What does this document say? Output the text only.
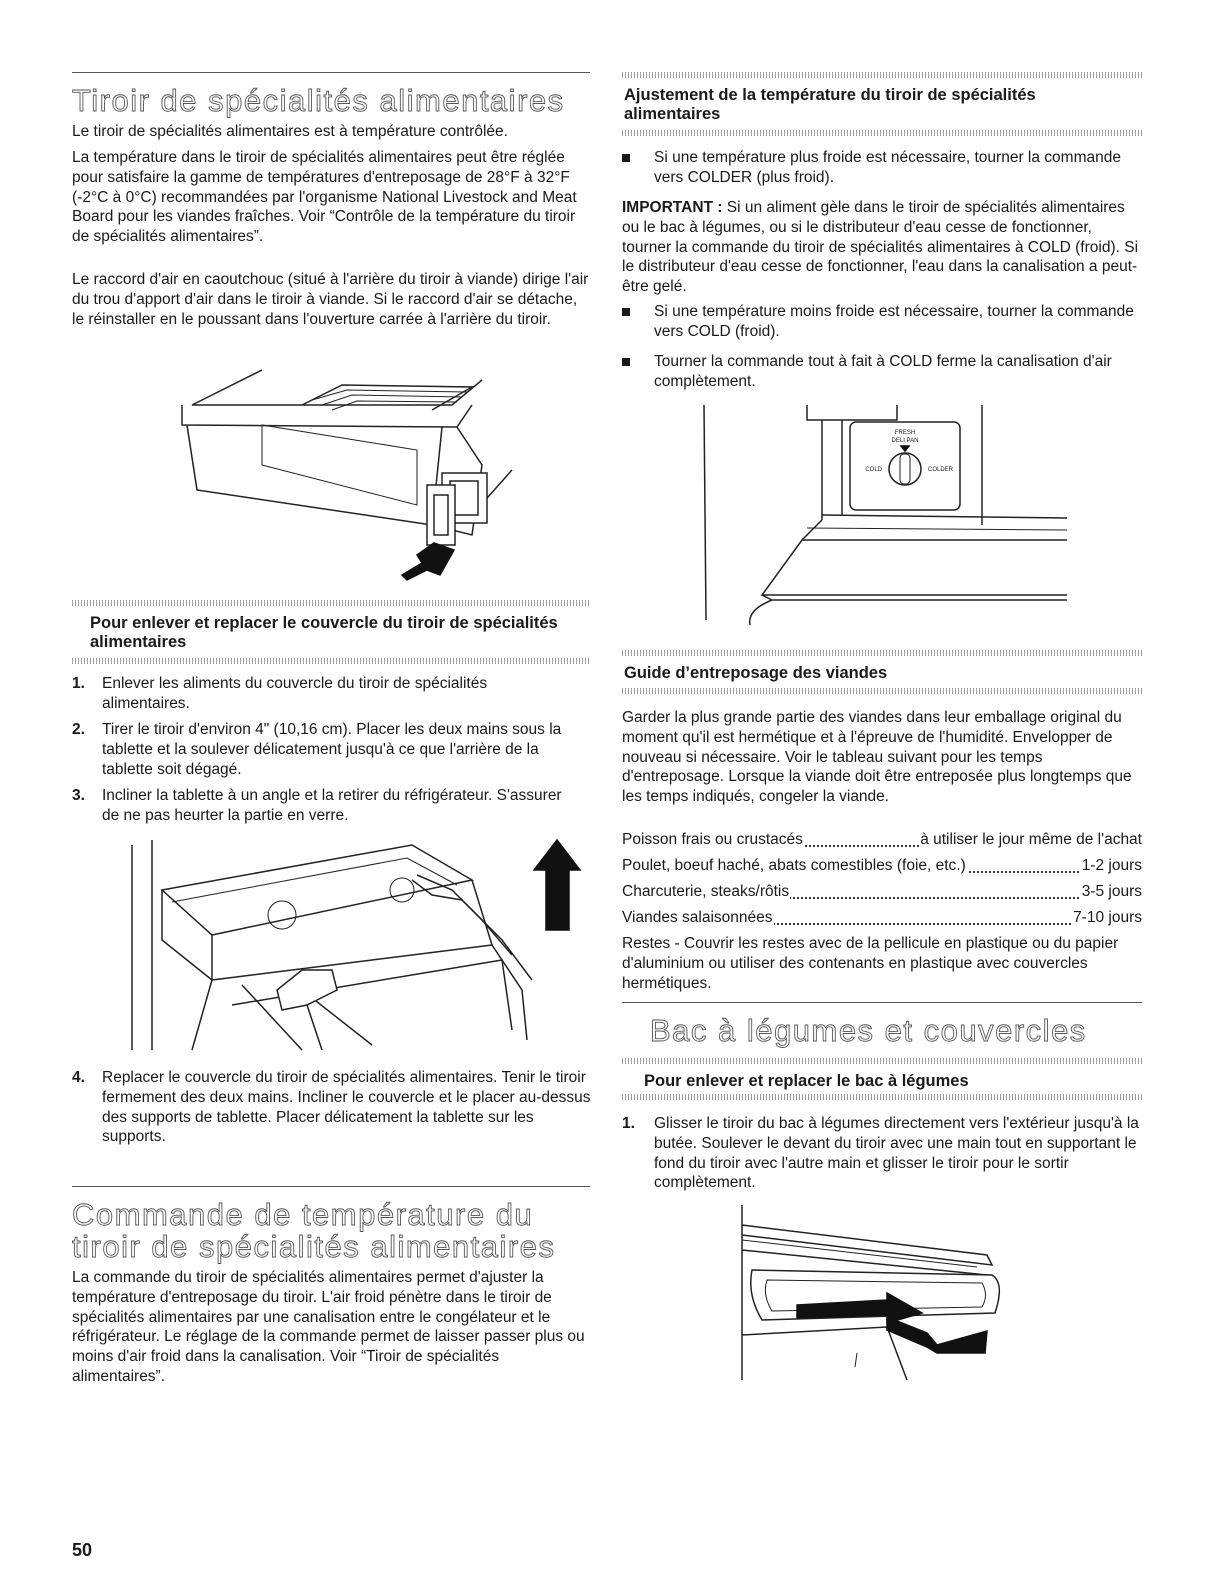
Tiroir de spécialités alimentaires
Le tiroir de spécialités alimentaires est à température contrôlée.
La température dans le tiroir de spécialités alimentaires peut être réglée pour satisfaire la gamme de températures d'entreposage de 28°F à 32°F (-2°C à 0°C) recommandées par l'organisme National Livestock and Meat Board pour les viandes fraîches. Voir “Contrôle de la température du tiroir de spécialités alimentaires”.
Le raccord d'air en caoutchouc (situé à l'arrière du tiroir à viande) dirige l'air du trou d'apport d'air dans le tiroir à viande. Si le raccord d'air se détache, le réinstaller en le poussant dans l'ouverture carrée à l'arrière du tiroir.
Pour enlever et replacer le couvercle du tiroir de spécialités alimentaires
1. Enlever les aliments du couvercle du tiroir de spécialités alimentaires.
2. Tirer le tiroir d'environ 4" (10,16 cm). Placer les deux mains sous la tablette et la soulever délicatement jusqu'à ce que l'arrière de la tablette soit dégagé.
3. Incliner la tablette à un angle et la retirer du réfrigérateur. S'assurer de ne pas heurter la partie en verre.
4. Replacer le couvercle du tiroir de spécialités alimentaires. Tenir le tiroir fermement des deux mains. Incliner le couvercle et le placer au-dessus des supports de tablette. Placer délicatement la tablette sur les supports.
Commande de température du
tiroir de spécialités alimentaires
La commande du tiroir de spécialités alimentaires permet d'ajuster la température d'entreposage du tiroir. L'air froid pénètre dans le tiroir de spécialités alimentaires par une canalisation entre le congélateur et le réfrigérateur. Le réglage de la commande permet de laisser passer plus ou moins d'air froid dans la canalisation. Voir “Tiroir de spécialités alimentaires”.
Ajustement de la température du tiroir de spécialités alimentaires
Si une température plus froide est nécessaire, tourner la commande vers COLDER (plus froid).
IMPORTANT : Si un aliment gèle dans le tiroir de spécialités alimentaires ou le bac à légumes, ou si le distributeur d'eau cesse de fonctionner, tourner la commande du tiroir de spécialités alimentaires à COLD (froid). Si le distributeur d'eau cesse de fonctionner, l'eau dans la canalisation a peut-être gelé.
Si une température moins froide est nécessaire, tourner la commande vers COLD (froid).
Tourner la commande tout à fait à COLD ferme la canalisation d'air complètement.
FRESH
DELI PAN
COLD	COLDER
Guide d’entreposage des viandes
Garder la plus grande partie des viandes dans leur emballage original du moment qu'il est hermétique et à l'épreuve de l'humidité. Envelopper de nouveau si nécessaire. Voir le tableau suivant pour les temps d'entreposage. Lorsque la viande doit être entreposée plus longtemps que les temps indiqués, congeler la viande.
Poisson frais ou crustacés	à utiliser le jour même de l'achat
Poulet, boeuf haché, abats comestibles (foie, etc.)	1-2 jours
Charcuterie, steaks/rôtis	3-5 jours
Viandes salaisonnées	7-10 jours
Restes - Couvrir les restes avec de la pellicule en plastique ou du papier d'aluminium ou utiliser des contenants en plastique avec couvercles hermétiques.
Bac à légumes et couvercles
Pour enlever et replacer le bac à légumes
1. Glisser le tiroir du bac à légumes directement vers l'extérieur jusqu'à la butée. Soulever le devant du tiroir avec une main tout en supportant le fond du tiroir avec l'autre main et glisser le tiroir pour le sortir complètement.
50
